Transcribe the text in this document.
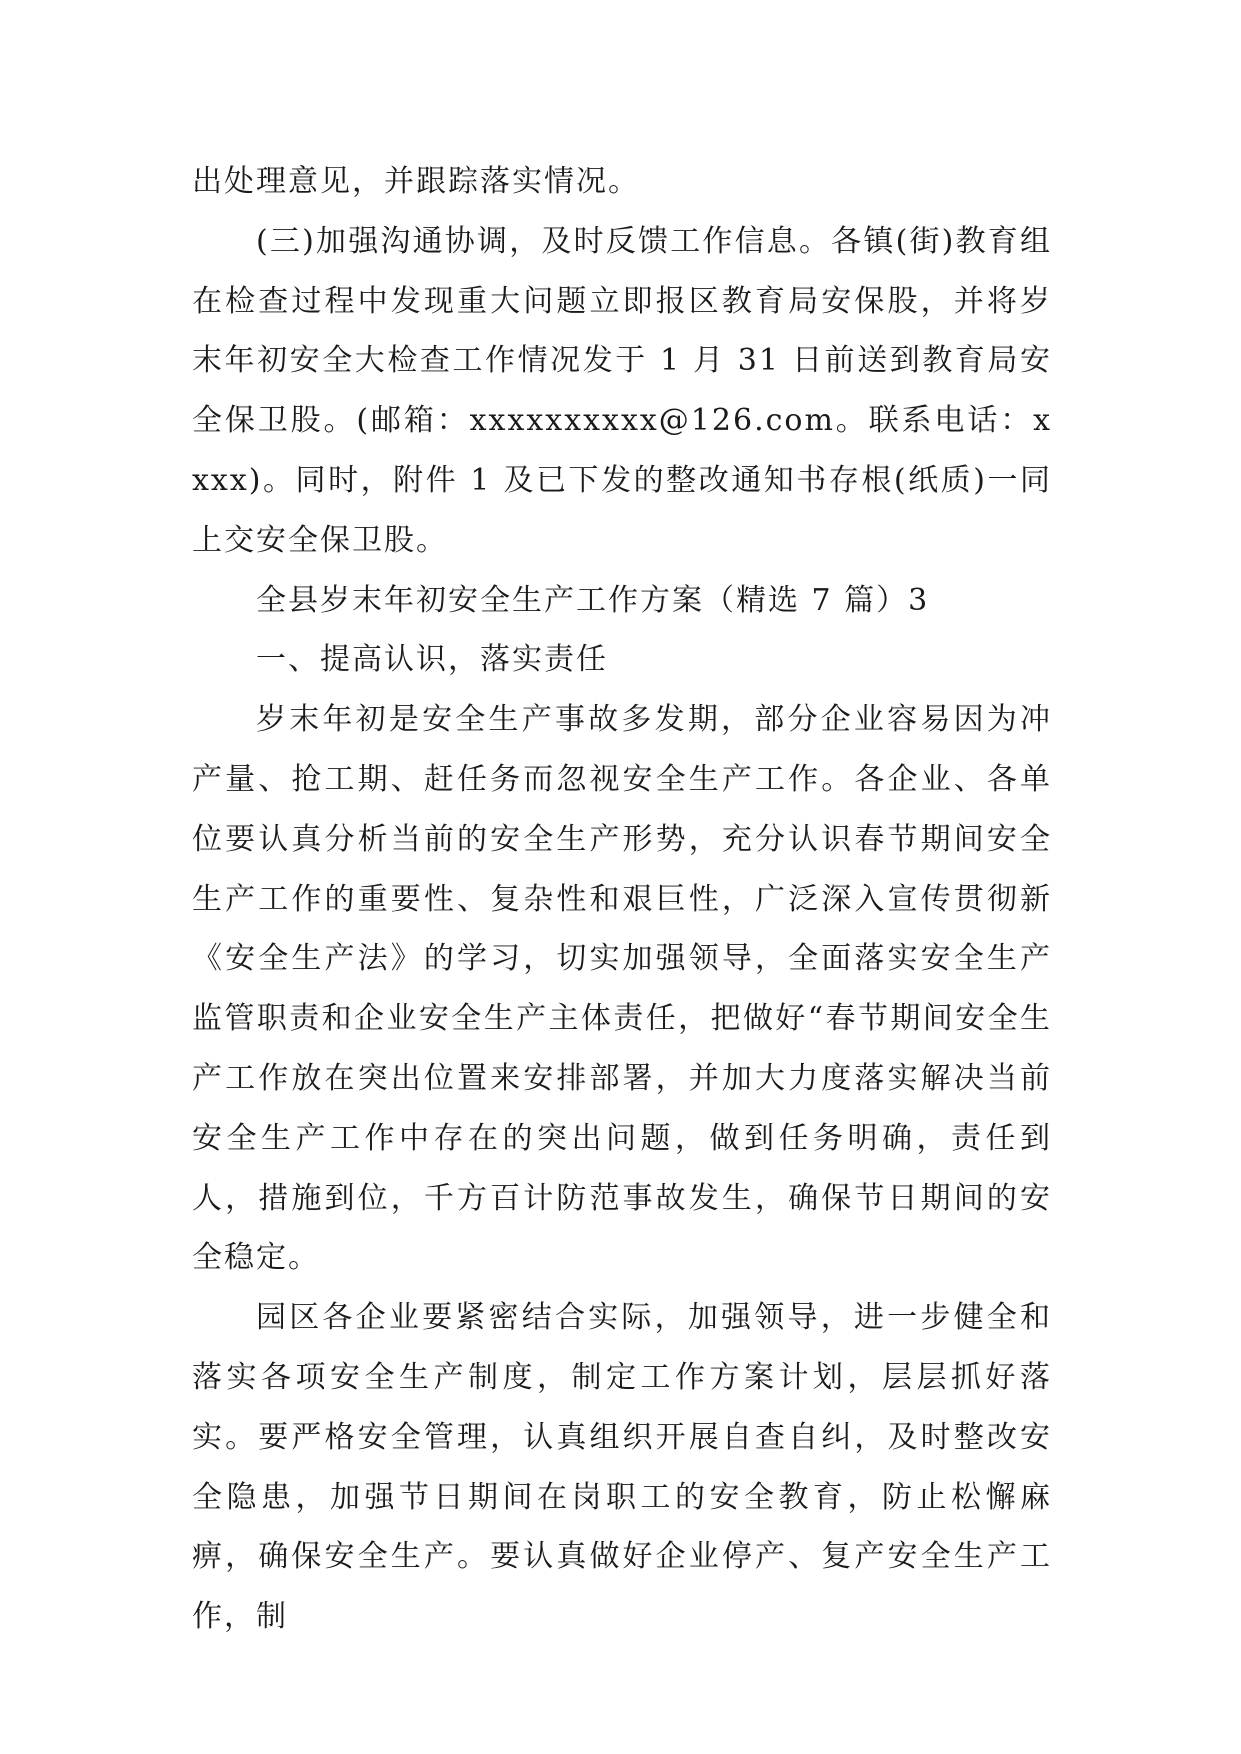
出处理意见，并跟踪落实情况。

(三)加强沟通协调，及时反馈工作信息。各镇(街)教育组在检查过程中发现重大问题立即报区教育局安保股，并将岁末年初安全大检查工作情况发于 1 月 31 日前送到教育局安全保卫股。(邮箱：xxxxxxxxxx@126.com。联系电话：xxxx)。同时，附件 1 及已下发的整改通知书存根(纸质)一同上交安全保卫股。

全县岁末年初安全生产工作方案（精选 7 篇）3

一、提高认识，落实责任

岁末年初是安全生产事故多发期，部分企业容易因为冲产量、抢工期、赶任务而忽视安全生产工作。各企业、各单位要认真分析当前的安全生产形势，充分认识春节期间安全生产工作的重要性、复杂性和艰巨性，广泛深入宣传贯彻新《安全生产法》的学习，切实加强领导，全面落实安全生产监管职责和企业安全生产主体责任，把做好“春节期间安全生产工作放在突出位置来安排部署，并加大力度落实解决当前安全生产工作中存在的突出问题，做到任务明确，责任到人，措施到位，千方百计防范事故发生，确保节日期间的安全稳定。

园区各企业要紧密结合实际，加强领导，进一步健全和落实各项安全生产制度，制定工作方案计划，层层抓好落实。要严格安全管理，认真组织开展自查自纠，及时整改安全隐患，加强节日期间在岗职工的安全教育，防止松懈麻痹，确保安全生产。要认真做好企业停产、复产安全生产工作，制
